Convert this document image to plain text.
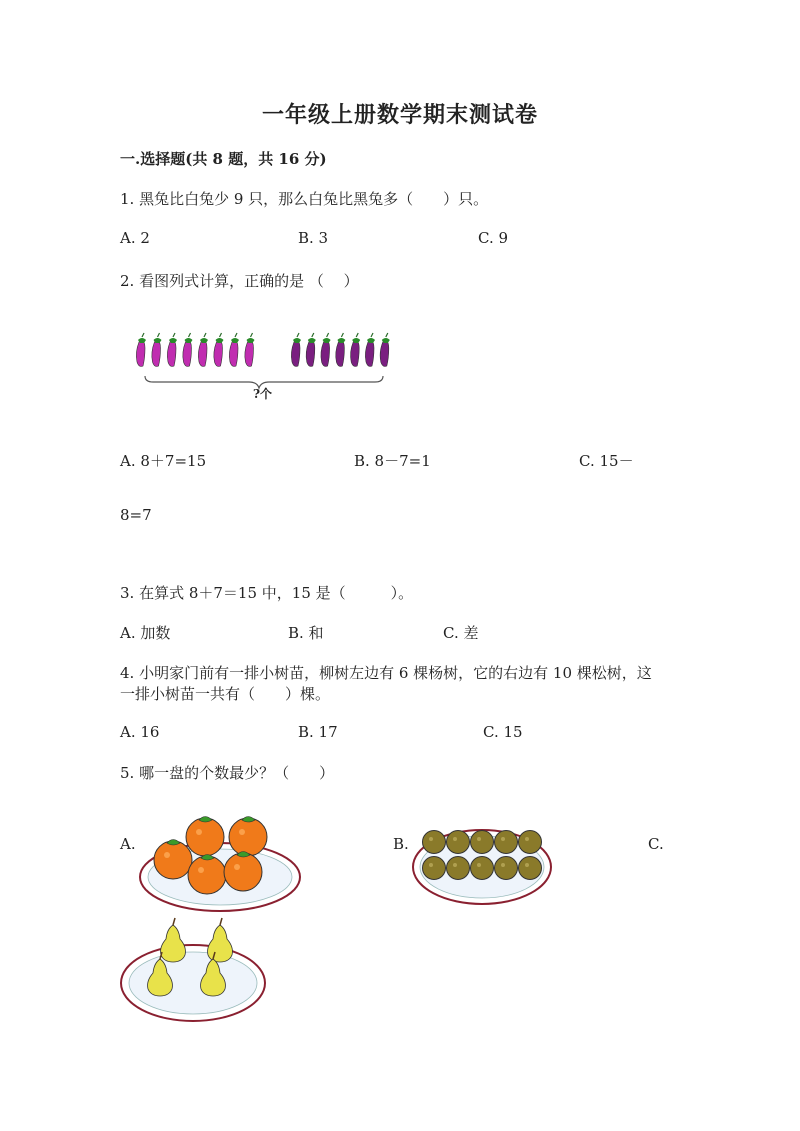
一年级上册数学期末测试卷
一.选择题(共 8 题，共 16 分)
1. 黑兔比白兔少 9 只，那么白兔比黑兔多（　　）只。
A. 2	B. 3	C. 9
2. 看图列式计算，正确的是 （　 ）
?个
A. 8＋7=15	B. 8－7=1	C. 15－
8=7
3. 在算式 8＋7＝15 中，15 是（　　　）。
A. 加数	B. 和	C. 差
4. 小明家门前有一排小树苗，柳树左边有 6 棵杨树，它的右边有 10 棵松树，这
一排小树苗一共有（　　）棵。
A. 16	B. 17	C. 15
5. 哪一盘的个数最少？（　　）
A.	B.	C.
